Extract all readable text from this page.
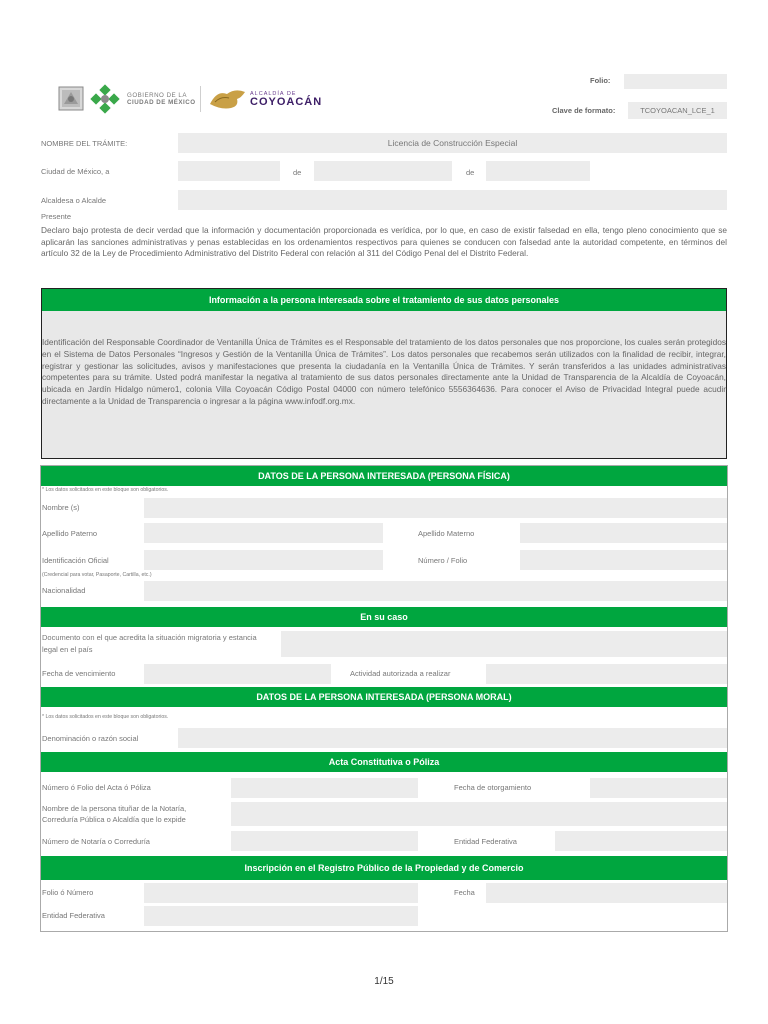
GOBIERNO DE LA
CIUDAD DE MÉXICO
ALCALDÍA DE
COYOACÁN
Folio:
Clave de formato:	TCOYOACAN_LCE_1
NOMBRE DEL TRÁMITE:	Licencia de Construcción Especial
Ciudad de México, a	de	de
Alcaldesa o Alcalde
Presente
Declaro bajo protesta de decir verdad que la información y documentación proporcionada es verídica, por lo que, en caso de existir falsedad en ella, tengo pleno conocimiento que se aplicarán las sanciones administrativas y penas establecidas en los ordenamientos respectivos para quienes se conducen con falsedad ante la autoridad competente, en términos del artículo 32 de la Ley de Procedimiento Administrativo del Distrito Federal con relación al 311 del Código Penal del el Distrito Federal.
Información a la persona interesada sobre el tratamiento de sus datos personales
Identificación del Responsable Coordinador de Ventanilla Única de Trámites es el Responsable del tratamiento de los datos personales que nos proporcione, los cuales serán protegidos en el Sistema de Datos Personales “Ingresos y Gestión de la Ventanilla Única de Trámites”. Los datos personales que recabemos serán utilizados con la finalidad de recibir, integrar, registrar y gestionar las solicitudes, avisos y manifestaciones que presenta la ciudadanía en la Ventanilla Única de Trámites. Y serán transferidos a las unidades administrativas competentes para su trámite. Usted podrá manifestar la negativa al tratamiento de sus datos personales directamente ante la Unidad de Transparencia de la Alcaldía de Coyoacán, ubicada en Jardín Hidalgo número1, colonia Villa Coyoacán Código Postal 04000 con número telefónico 5556364636. Para conocer el Aviso de Privacidad Integral puede acudir directamente a la Unidad de Transparencia o ingresar a la página www.infodf.org.mx.
DATOS DE LA PERSONA INTERESADA (PERSONA FÍSICA)
* Los datos solicitados en este bloque son obligatorios.
Nombre (s)
Apellido Paterno	Apellido Materno
Identificación Oficial	Número / Folio
(Credencial para votar, Pasaporte, Cartilla, etc.)
Nacionalidad
En su caso
Documento con el que acredita la situación migratoria y estancia
legal en el país
Fecha de vencimiento	Actividad autorizada a realizar
DATOS DE LA PERSONA INTERESADA (PERSONA MORAL)
* Los datos solicitados en este bloque son obligatorios.
Denominación o razón social
Acta Constitutiva o Póliza
Número ó Folio del Acta ó Póliza	Fecha de otorgamiento
Nombre de la persona tituñar de la Notaría,
Correduría Pública o Alcaldía que lo expide
Número de Notaría o Correduría	Entidad Federativa
Inscripción en el Registro Público de la Propiedad y de Comercio
Folio ó Número	Fecha
Entidad Federativa
1/15
